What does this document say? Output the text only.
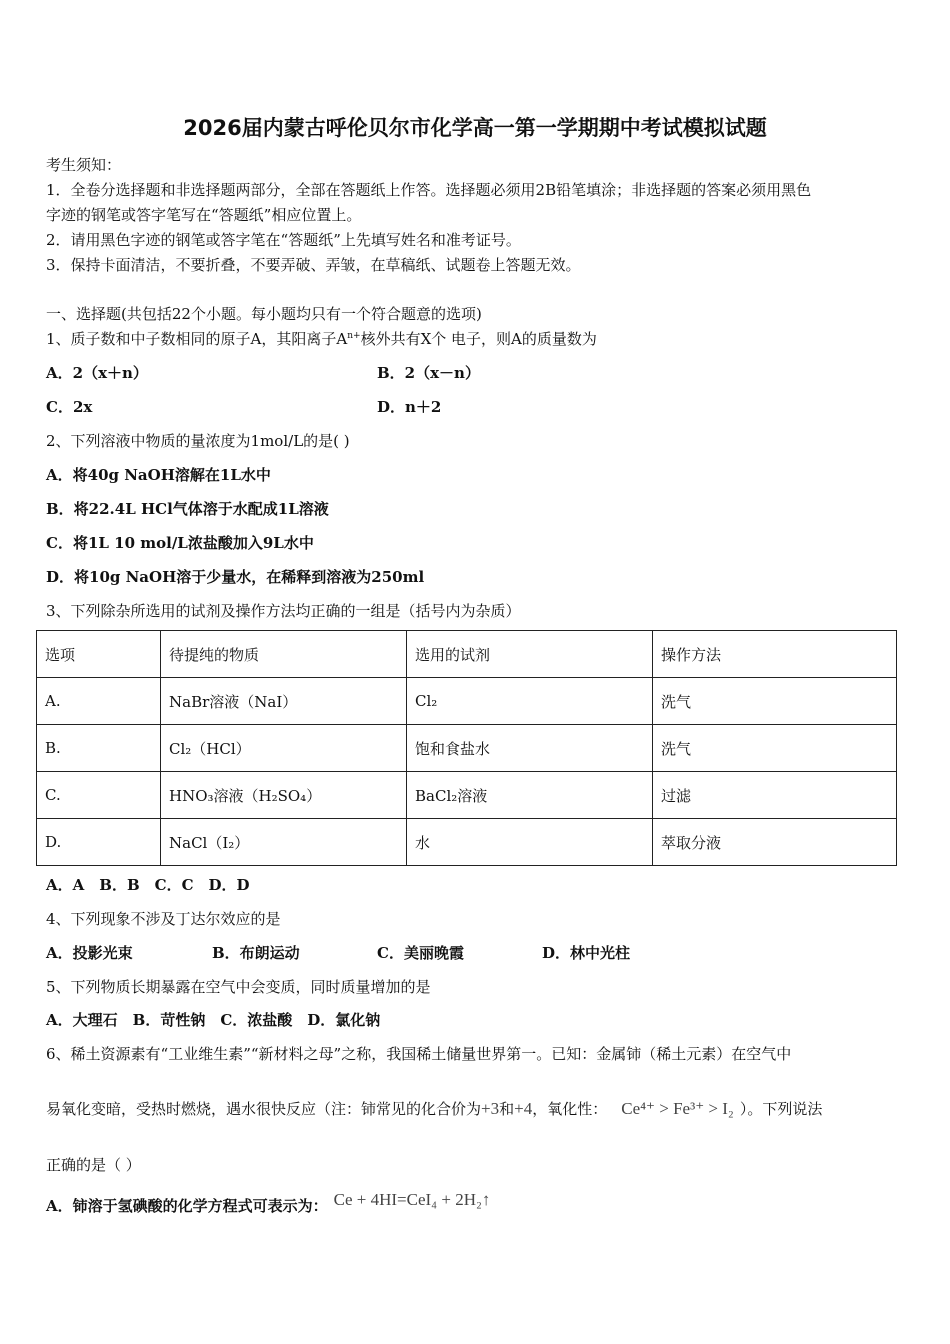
2026届内蒙古呼伦贝尔市化学高一第一学期期中考试模拟试题
考生须知：
1．全卷分选择题和非选择题两部分，全部在答题纸上作答。选择题必须用2B铅笔填涂；非选择题的答案必须用黑色
字迹的钢笔或答字笔写在“答题纸”相应位置上。
2．请用黑色字迹的钢笔或答字笔在“答题纸”上先填写姓名和准考证号。
3．保持卡面清洁，不要折叠，不要弄破、弄皱，在草稿纸、试题卷上答题无效。
一、选择题(共包括22个小题。每小题均只有一个符合题意的选项)
1、质子数和中子数相同的原子A，其阳离子$A^{n+}$核外共有X个 电子，则A的质量数为
A．2（x＋n）	B．2（x－n）
C．2x	D．n＋2
2、下列溶液中物质的量浓度为1mol/L的是( )
A．将40g NaOH溶解在1L水中
B．将22.4L HCl气体溶于水配成1L溶液
C．将1L 10 mol/L浓盐酸加入9L水中
D．将10g NaOH溶于少量水，在稀释到溶液为250ml
3、下列除杂所选用的试剂及操作方法均正确的一组是（括号内为杂质）
选项	待提纯的物质	选用的试剂	操作方法
A.	NaBr溶液（NaI）	Cl₂	洗气
B.	Cl₂（HCl）	饱和食盐水	洗气
C.	HNO₃溶液（H₂SO₄）	BaCl₂溶液	过滤
D.	NaCl（I₂）	水	萃取分液
A．A　B．B　C．C　D．D
4、下列现象不涉及丁达尔效应的是
A．投影光束	B．布朗运动	C．美丽晚霞	D．林中光柱
5、下列物质长期暴露在空气中会变质，同时质量增加的是
A．大理石　B．苛性钠　C．浓盐酸　D．氯化钠
6、稀土资源素有“工业维生素”“新材料之母”之称，我国稀土储量世界第一。已知：金属铈（稀土元素）在空气中
易氧化变暗，受热时燃烧，遇水很快反应（注：铈常见的化合价为+3和+4，氧化性： Ce⁴⁺ > Fe³⁺ > I₂ ）。下列说法
正确的是（ ）
A．铈溶于氢碘酸的化学方程式可表示为： Ce + 4HI=CeI₄ + 2H₂↑
